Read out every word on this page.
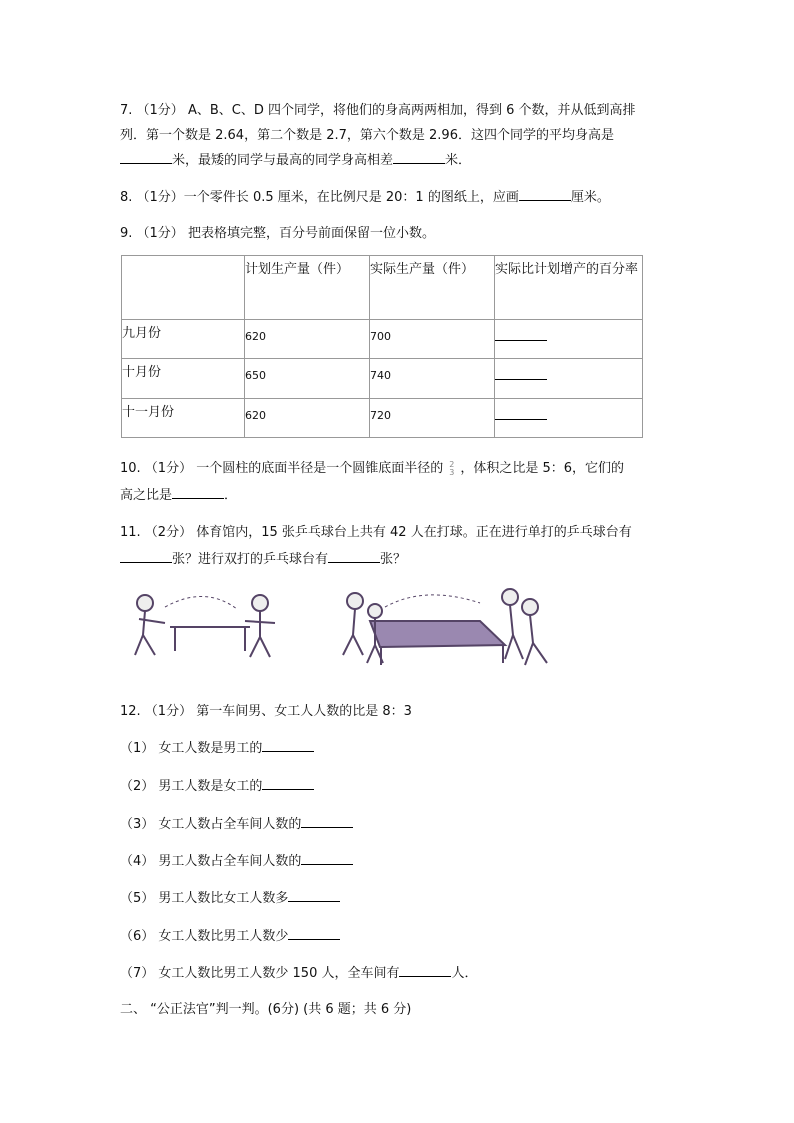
7. （1分） A、B、C、D 四个同学，将他们的身高两两相加，得到 6 个数，并从低到高排
列．第一个数是 2.64，第二个数是 2.7，第六个数是 2.96．这四个同学的平均身高是
米，最矮的同学与最高的同学身高相差	米．
8. （1分）一个零件长 0.5 厘米，在比例尺是 20：1 的图纸上，应画	厘米。
9. （1分） 把表格填完整，百分号前面保留一位小数。
	计划生产量（件）	实际生产量（件）	实际比计划增产的百分率
九月份	620	700	
十月份	650	740	
十一月份	620	720	
10. （1分） 一个圆柱的底面半径是一个圆锥底面半径的 2
3 ，体积之比是 5：6，它们的
高之比是	．
11. （2分） 体育馆内，15 张乒乓球台上共有 42 人在打球。正在进行单打的乒乓球台有
张？进行双打的乒乓球台有	张？
12. （1分） 第一车间男、女工人人数的比是 8：3
（1） 女工人数是男工的
（2） 男工人数是女工的
（3） 女工人数占全车间人数的
（4） 男工人数占全车间人数的
（5） 男工人数比女工人数多
（6） 女工人数比男工人数少
（7） 女工人数比男工人数少 150 人，全车间有	人．
二、 “公正法官”判一判。(6分) (共 6 题；共 6 分)
